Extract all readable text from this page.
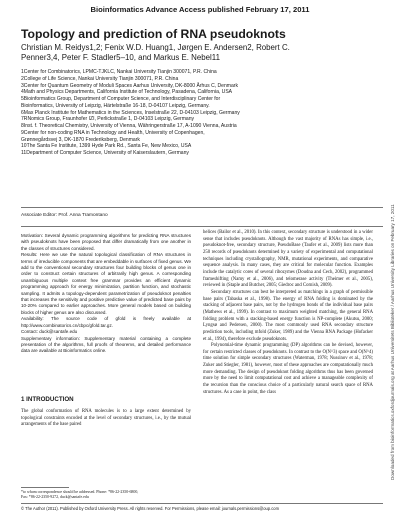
Bioinformatics Advance Access published February 17, 2011
Topology and prediction of RNA pseudoknots

Christian M. Reidys1,2; Fenix W.D. Huang1, Jørgen E. Andersen2, Robert C.

Penner3,4, Peter F. Stadler5–10, and Markus E. Nebel11

1Center for Combinatorics, LPMC-TJKLC, Nankai University Tianjin 300071, P.R. China

2College of Life Science, Nankai University Tianjin 300071, P.R. China

3Center for Quantum Geometry of Moduli Spaces Aarhus University, DK-8000 Århus C, Denmark

4Math and Physics Departments, California Institute of Technology, Pasadena, California, USA

5Bioinformatics Group, Department of Computer Science, and Interdisciplinary Center for

Bioinformatics, University of Leipzig, Härtelstraße 16-18, D-04107 Leipzig, Germany.

6Max Planck Institute for Mathematics in the Sciences, Inselstraße 22, D-04103 Leipzig, Germany

7RNomics Group, Fraunhofer IZI, Perlickstraße 1, D-04103 Leipzig, Germany

8Inst. f. Theoretical Chemistry, University of Vienna, Währingerstraße 17, A-1090 Vienna, Austria

9Center for non-coding RNA in Technology and Health, University of Copenhagen,

Grønnegårdsvej 3, DK-1870 Frederiksberg, Denmark

10The Santa Fe Institute, 1399 Hyde Park Rd., Santa Fe, New Mexico, USA

11Department of Computer Science, University of Kaiserslautern, Germany

Associate Editor: Prof. Anna Tramontano

Motivation: Several dynamic programming algorithms for predicting RNA structures with pseudoknots have been proposed that differ dramatically from one another in the classes of structures considered.

Results: Here we use the natural topological classification of RNA structures in terms of irreducible components that are embeddable in surfaces of fixed genus. We add to the conventional secondary structures four building blocks of genus one in order to construct certain structures of arbitrarily high genus. A corresponding unambiguous multiple context free grammar provides an efficient dynamic programming approach for energy minimization, partition function, and stochastic sampling. It admits a topology-dependent parametrization of pseudoknot penalties that increases the sensitivity and positive predictive value of predicted base pairs by 10-20% compared to earlier approaches. More general models based on building blocks of higher genus are also discussed.

Availability: The source code of gfold is freely available at http://www.combinatorics.cn/cbpc/gfold.tar.gz.

Contact: duck@santafe.edu

Supplementary information: Supplementary material containing a complete presentation of the algorithms, full proofs of theorems, and detailed performance data are available at Bioinformatics online.

1 INTRODUCTION

The global conformation of RNA molecules is to a large extent determined by topological constraints encoded at the level of secondary structures, i.e., by the mutual arrangements of the base paired

*to whom correspondence should be addressed. Phone: *86-22-2350-6800,

Fax: *86-22-2350-9272, duck@santafe.edu

helices (Bailor et al., 2010). In this context, secondary structure is understood in a wider sense that includes pseudoknots. Although the vast majority of RNAs has simple, i.e., pseudoknot-free, secondary structure, PseudoBase (Taufer et al., 2009) lists more than 250 records of pseudoknots determined by a variety of experimental and computational techniques including crystallography, NMR, mutational experiments, and comparative sequence analysis. In many cases, they are critical for molecular function. Examples include the catalytic cores of several ribozymes (Doudna and Cech, 2002), programmed frameshifting (Namy et al., 2006), and telomerase activity (Theimer et al., 2005), reviewed in (Staple and Butcher, 2005; Giedroc and Cornish, 2009).

Secondary structures can best be interpreted as matchings in a graph of permissible base pairs (Tabaska et al., 1998). The energy of RNA folding is dominated by the stacking of adjacent base pairs, not by the hydrogen bonds of the individual base pairs (Mathews et al., 1999). In contrast to maximum weighted matching, the general RNA folding problem with a stacking-based energy function is NP-complete (Akutsu, 2000; Lyngsø and Pedersen, 2000). The most commonly used RNA secondary structure prediction tools, including mfold (Zuker, 1989) and the Vienna RNA Package (Hofacker et al., 1994), therefore exclude pseudoknots.

Polynomial-time dynamic programming (DP) algorithms can be devised, however, for certain restricted classes of pseudoknots. In contrast to the O(N^3) space and O(N^4) time solution for simple secondary structures (Waterman, 1978; Nussinov et al., 1978; Zuker and Stiegler, 1981), however, most of these approaches are computationally much more demanding. The design of pseudoknot folding algorithms thus has been governed more by the need to limit computational cost and achieve a manageable complexity of the recursion than the conscious choice of a particularly natural search space of RNA structures. As a case in point, the class

© The Author (2011). Published by Oxford University Press. All rights reserved. For Permissions, please email: journals.permissions@oup.com
Downloaded from bioinformatics.oxfordjournals.org at Aarhus Universitets Biblioteker / Aarhus University Libraries on February 17, 2011
